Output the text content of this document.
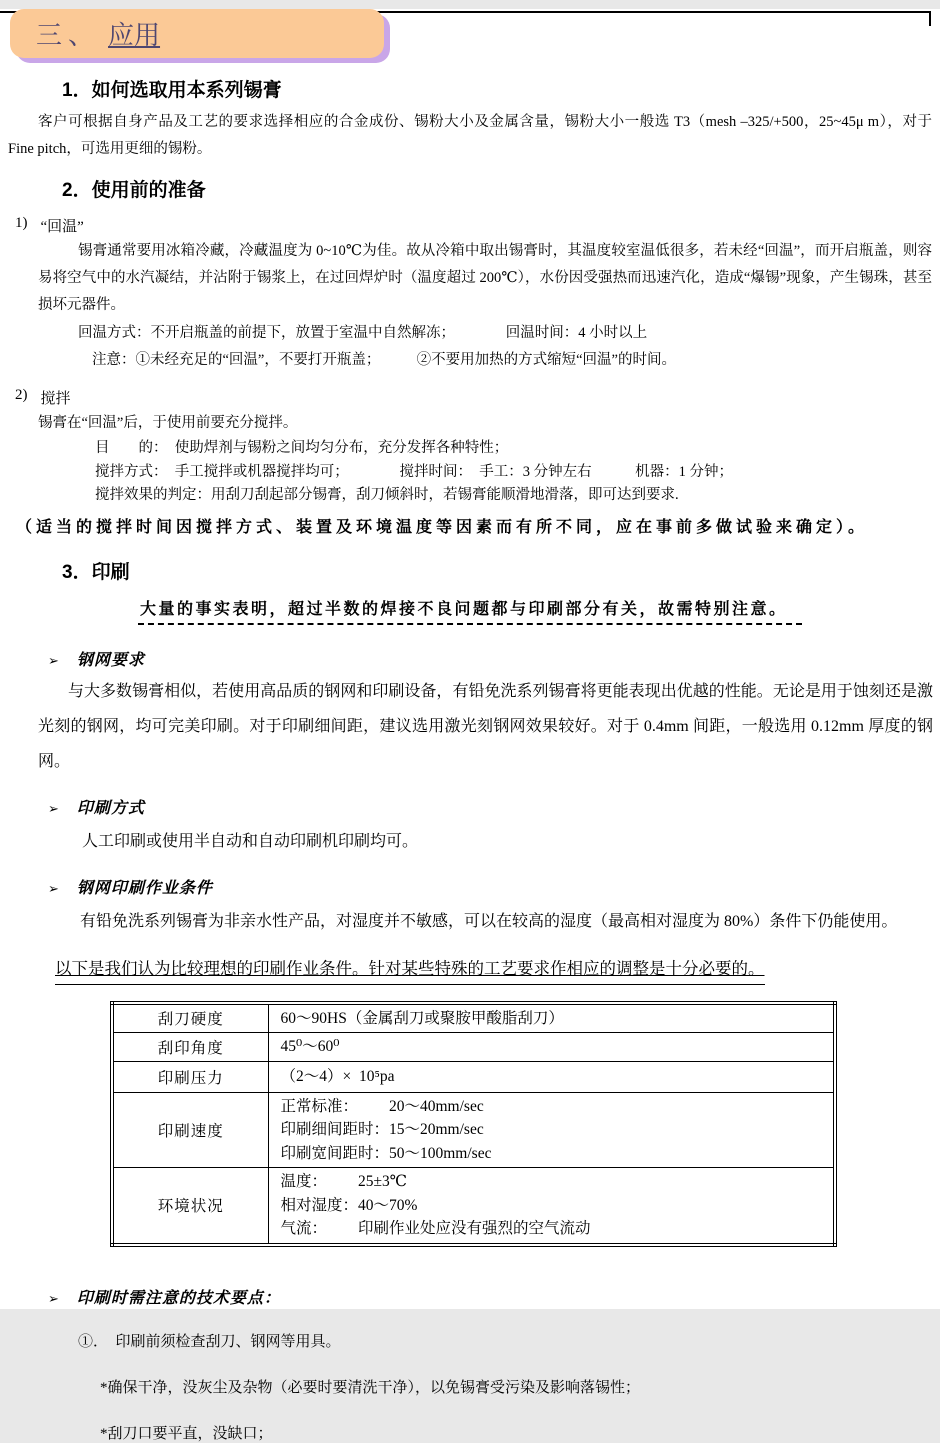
三、 应用
1．如何选取用本系列锡膏
客户可根据自身产品及工艺的要求选择相应的合金成份、锡粉大小及金属含量，锡粉大小一般选 T3（mesh –325/+500，25~45μ m），对于 Fine pitch，可选用更细的锡粉。
2．使用前的准备
1) “回温”
锡膏通常要用冰箱冷藏，冷藏温度为 0~10℃为佳。故从冷箱中取出锡膏时，其温度较室温低很多，若未经“回温”，而开启瓶盖，则容易将空气中的水汽凝结，并沾附于锡浆上，在过回焊炉时（温度超过 200℃），水份因受强热而迅速汽化，造成“爆锡”现象，产生锡珠，甚至损坏元器件。
回温方式：不开启瓶盖的前提下，放置于室温中自然解冻；　　　　回温时间：4 小时以上
注意：①未经充足的“回温”，不要打开瓶盖；　　　②不要用加热的方式缩短“回温”的时间。
2) 搅拌
锡膏在“回温”后，于使用前要充分搅拌。
目　　的：  使助焊剂与锡粉之间均匀分布，充分发挥各种特性；
搅拌方式：  手工搅拌或机器搅拌均可；　　　　搅拌时间：  手工：3 分钟左右　　　机器：1 分钟；
搅拌效果的判定：用刮刀刮起部分锡膏，刮刀倾斜时，若锡膏能顺滑地滑落，即可达到要求.
（适当的搅拌时间因搅拌方式、装置及环境温度等因素而有所不同，应在事前多做试验来确定）。
3．印刷
大量的事实表明，超过半数的焊接不良问题都与印刷部分有关，故需特别注意。
➢ 钢网要求
与大多数锡膏相似，若使用高品质的钢网和印刷设备，有铅免洗系列锡膏将更能表现出优越的性能。无论是用于蚀刻还是激光刻的钢网，均可完美印刷。对于印刷细间距，建议选用激光刻钢网效果较好。对于 0.4mm 间距，一般选用 0.12mm 厚度的钢网。
➢ 印刷方式
人工印刷或使用半自动和自动印刷机印刷均可。
➢ 钢网印刷作业条件
有铅免洗系列锡膏为非亲水性产品，对湿度并不敏感，可以在较高的湿度（最高相对湿度为 80%）条件下仍能使用。
以下是我们认为比较理想的印刷作业条件。针对某些特殊的工艺要求作相应的调整是十分必要的。
刮刀硬度	60～90HS（金属刮刀或聚胺甲酸脂刮刀）

刮印角度	45⁰～60⁰

印刷压力	（2～4）×  10⁵pa

印刷速度	正常标准：　　  20～40mm/sec
印刷细间距时：15～20mm/sec
印刷宽间距时：50～100mm/sec

环境状况	温度：　　  25±3℃
相对湿度：40～70%
气流：　　  印刷作业处应没有强烈的空气流动
➢ 印刷时需注意的技术要点：
①．  印刷前须检查刮刀、钢网等用具。
*确保干净，没灰尘及杂物（必要时要清洗干净），以免锡膏受污染及影响落锡性；
*刮刀口要平直，没缺口；
